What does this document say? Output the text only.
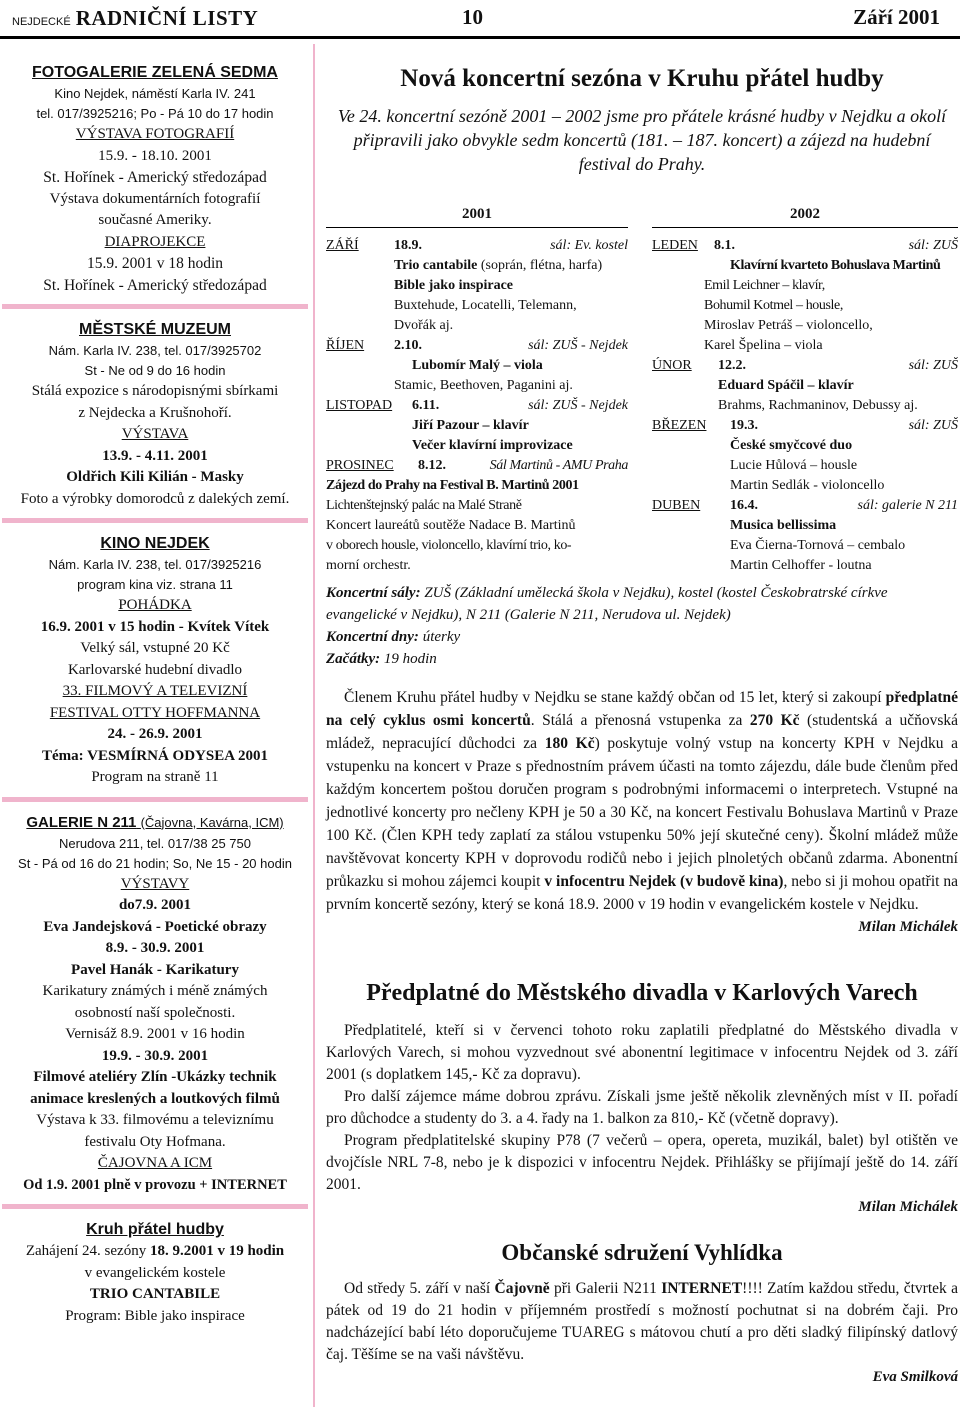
NEJDECKÉ RADNIČNÍ LISTY	10	Září 2001

FOTOGALERIE ZELENÁ SEDMA

Kino Nejdek, náměstí Karla IV. 241

tel. 017/3925216; Po - Pá 10 do 17 hodin

VÝSTAVA FOTOGRAFIÍ

15.9. - 18.10. 2001

St. Hořínek - Americký středozápad

Výstava dokumentárních fotografií

současné Ameriky.

DIAPROJEKCE

15.9. 2001 v 18 hodin

St. Hořínek - Americký středozápad

MĚSTSKÉ MUZEUM

Nám. Karla IV. 238, tel. 017/3925702

St - Ne od 9 do 16 hodin

Stálá expozice s národopisnými sbírkami

z Nejdecka a Krušnohoří.

VÝSTAVA

13.9. - 4.11. 2001

Oldřich Kili Kilián - Masky

Foto a výrobky domorodců z dalekých zemí.

KINO NEJDEK

Nám. Karla IV. 238, tel. 017/3925216

program kina viz. strana 11

POHÁDKA

16.9. 2001 v 15 hodin - Kvítek Vítek

Velký sál, vstupné 20 Kč

Karlovarské hudební divadlo

33. FILMOVÝ A TELEVIZNÍ

FESTIVAL OTTY HOFFMANNA

24. - 26.9. 2001

Téma: VESMÍRNÁ ODYSEA 2001

Program na straně 11

GALERIE N 211 (Čajovna, Kavárna, ICM)

Nerudova 211, tel. 017/38 25 750

St - Pá od 16 do 21 hodin; So, Ne 15 - 20 hodin

VÝSTAVY

do7.9. 2001

Eva Jandejsková - Poetické obrazy

8.9. - 30.9. 2001

Pavel Hanák - Karikatury

Karikatury známých i méně známých

osobností naší společnosti.

Vernisáž 8.9. 2001 v 16 hodin

19.9. - 30.9. 2001

Filmové ateliéry Zlín -Ukázky technik

animace kreslených a loutkových filmů

Výstava k 33. filmovému a televiznímu

festivalu Oty Hofmana.

ČAJOVNA A ICM

Od 1.9. 2001 plně v provozu + INTERNET

Kruh přátel hudby

Zahájení 24. sezóny 18. 9.2001 v 19 hodin

v evangelickém kostele

TRIO CANTABILE

Program: Bible jako inspirace

Nová koncertní sezóna v Kruhu přátel hudby
Ve 24. koncertní sezóně 2001 – 2002 jsme pro přátele krásné hudby v Nejdku a okolí připravili jako obvykle sedm koncertů (181. – 187. koncert) a zájezd na hudební festival do Prahy.
2001
ZÁŘÍ	18.9.	sál: Ev. kostel
Trio cantabile (soprán, flétna, harfa)
Bible jako inspirace
Buxtehude, Locatelli, Telemann,
Dvořák aj.
ŘÍJEN 2.10.	sál: ZUŠ - Nejdek
Lubomír Malý – viola
Stamic, Beethoven, Paganini aj.
LISTOPAD 6.11.	sál: ZUŠ - Nejdek
Jiří Pazour – klavír
Večer klavírní improvizace
PROSINEC 8.12.	Sál Martinů - AMU Praha
Zájezd do Prahy na Festival B. Martinů 2001
Lichtenštejnský palác na Malé Straně
Koncert laureátů soutěže Nadace B. Martinů
v oborech housle, violoncello, klavírní trio, ko-
morní orchestr.
2002
LEDEN 8.1.	sál: ZUŠ
Klavírní kvarteto Bohuslava Martinů
Emil Leichner – klavír,
Bohumil Kotmel – housle,
Miroslav Petráš – violoncello,
Karel Špelina – viola
ÚNOR 12.2.	sál: ZUŠ
Eduard Spáčil – klavír
Brahms, Rachmaninov, Debussy aj.
BŘEZEN 19.3.	sál: ZUŠ
České smyčcové duo
Lucie Hůlová – housle
Martin Sedlák - violoncello
DUBEN 16.4.	sál: galerie N 211
Musica bellissima
Eva Čierna-Tornová – cembalo
Martin Celhoffer - loutna

Koncertní sály: ZUŠ (Základní umělecká škola v Nejdku), kostel (kostel Českobratrské církve evangelické v Nejdku), N 211 (Galerie N 211, Nerudova ul. Nejdek)

Koncertní dny: úterky

Začátky: 19 hodin

Členem Kruhu přátel hudby v Nejdku se stane každý občan od 15 let, který si zakoupí předplatné na celý cyklus osmi koncertů. Stálá a přenosná vstupenka za 270 Kč (studentská a učňovská mládež, nepracující důchodci za 180 Kč) poskytuje volný vstup na koncerty KPH v Nejdku a vstupenku na koncert v Praze s přednostním právem účasti na tomto zájezdu, dále bude členům před každým koncertem poštou doručen program s podrobnými informacemi o interpretech. Vstupné na jednotlivé koncerty pro nečleny KPH je 50 a 30 Kč, na koncert Festivalu Bohuslava Martinů v Praze 100 Kč. (Člen KPH tedy zaplatí za stálou vstupenku 50% její skutečné ceny). Školní mládež může navštěvovat koncerty KPH v doprovodu rodičů nebo i jejich plnoletých občanů zdarma. Abonentní průkazku si mohou zájemci koupit v infocentru Nejdek (v budově kina), nebo si ji mohou opatřit na prvním koncertě sezóny, který se koná 18.9. 2000 v 19 hodin v evangelickém kostele v Nejdku.

Milan Michálek

Předplatné do Městského divadla v Karlových Varech

Předplatitelé, kteří si v červenci tohoto roku zaplatili předplatné do Městského divadla v Karlových Varech, si mohou vyzvednout své abonentní legitimace v infocentru Nejdek od 3. září 2001 (s doplatkem 145,- Kč za dopravu).

Pro další zájemce máme dobrou zprávu. Získali jsme ještě několik zlevněných míst v II. pořadí pro důchodce a studenty do 3. a 4. řady na 1. balkon za 810,- Kč (včetně dopravy).

Program předplatitelské skupiny P78 (7 večerů – opera, opereta, muzikál, balet) byl otištěn ve dvojčísle NRL 7-8, nebo je k dispozici v infocentru Nejdek. Přihlášky se přijímají ještě do 14. září 2001.

Milan Michálek

Občanské sdružení Vyhlídka

Od středy 5. září v naší Čajovně při Galerii N211 INTERNET!!!! Zatím každou středu, čtvrtek a pátek od 19 do 21 hodin v příjemném prostředí s možností pochutnat si na dobrém čaji. Pro nadcházející babí léto doporučujeme TUAREG s mátovou chutí a pro děti sladký filipínský datlový čaj. Těšíme se na vaši návštěvu.

Eva Smilková
